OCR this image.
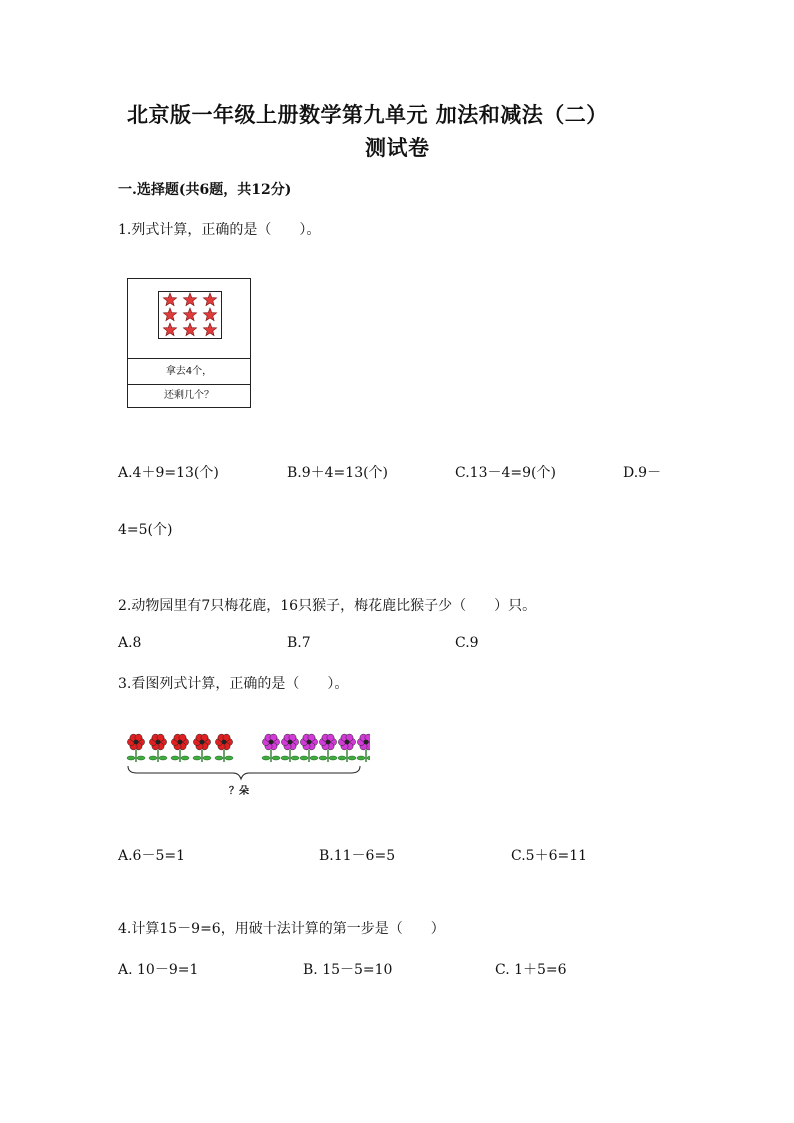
北京版一年级上册数学第九单元 加法和减法（二）
测试卷
一.选择题(共6题，共12分)
1.列式计算，正确的是（　　）。
拿去4个，
还剩几个？
A.4＋9=13(个)	B.9＋4=13(个)	C.13－4=9(个)	D.9－
4=5(个)
2.动物园里有7只梅花鹿，16只猴子，梅花鹿比猴子少（　　）只。
A.8	B.7	C.9
3.看图列式计算，正确的是（　　）。
？朵
A.6－5=1	B.11－6=5	C.5＋6=11
4.计算15－9=6，用破十法计算的第一步是（　　）
A. 10－9=1	B. 15－5=10	C. 1＋5=6
